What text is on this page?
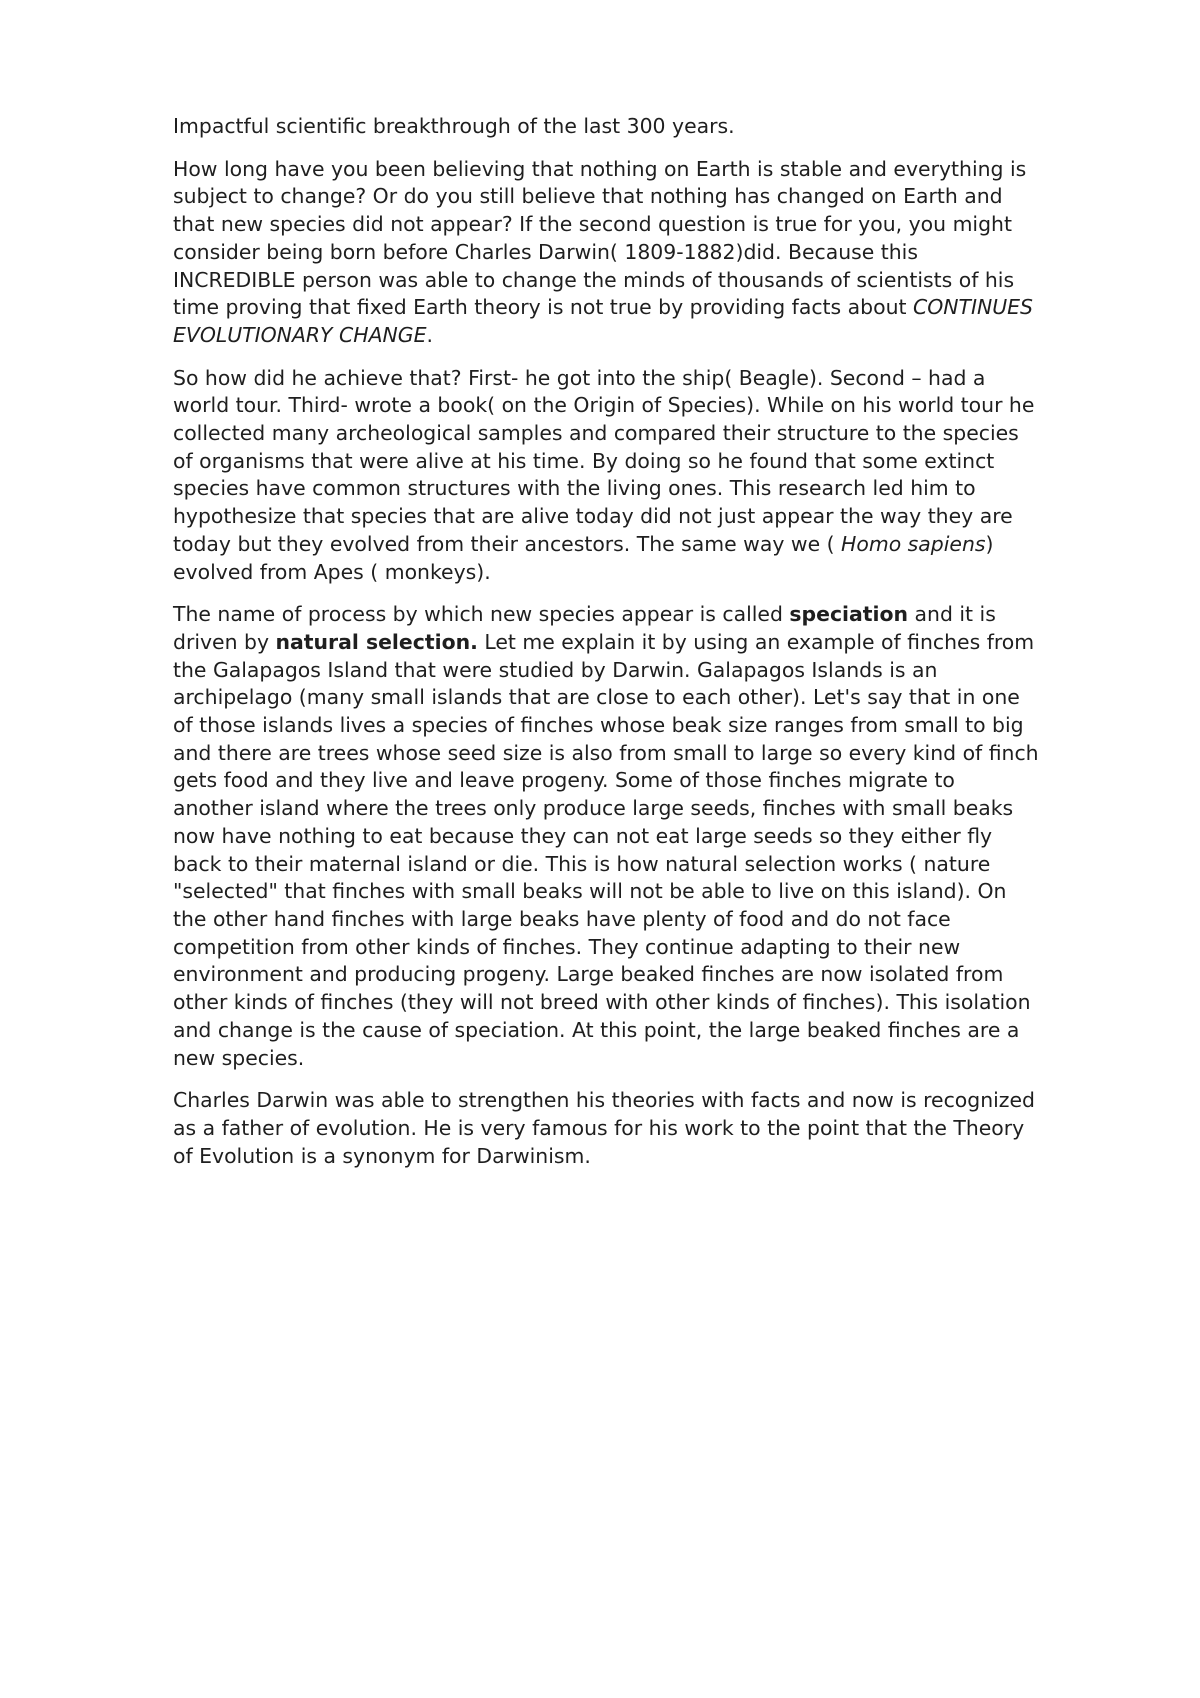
Impactful scientific breakthrough of the last 300 years.

How long have you been believing that nothing on Earth is stable and everything is
subject to change? Or do you still believe that nothing has changed on Earth and
that new species did not appear? If the second question is true for you, you might
consider being born before Charles Darwin( 1809-1882)did. Because this
INCREDIBLE person was able to change the minds of thousands of scientists of his
time proving that fixed Earth theory is not true by providing facts about CONTINUES
EVOLUTIONARY CHANGE.

So how did he achieve that? First- he got into the ship( Beagle). Second – had a
world tour. Third- wrote a book( on the Origin of Species). While on his world tour he
collected many archeological samples and compared their structure to the species
of organisms that were alive at his time. By doing so he found that some extinct
species have common structures with the living ones. This research led him to
hypothesize that species that are alive today did not just appear the way they are
today but they evolved from their ancestors. The same way we ( Homo sapiens)
evolved from Apes ( monkeys).

The name of process by which new species appear is called speciation and it is
driven by natural selection. Let me explain it by using an example of finches from
the Galapagos Island that were studied by Darwin. Galapagos Islands is an
archipelago (many small islands that are close to each other). Let's say that in one
of those islands lives a species of finches whose beak size ranges from small to big
and there are trees whose seed size is also from small to large so every kind of finch
gets food and they live and leave progeny. Some of those finches migrate to
another island where the trees only produce large seeds, finches with small beaks
now have nothing to eat because they can not eat large seeds so they either fly
back to their maternal island or die. This is how natural selection works ( nature
"selected" that finches with small beaks will not be able to live on this island). On
the other hand finches with large beaks have plenty of food and do not face
competition from other kinds of finches. They continue adapting to their new
environment and producing progeny. Large beaked finches are now isolated from
other kinds of finches (they will not breed with other kinds of finches). This isolation
and change is the cause of speciation. At this point, the large beaked finches are a
new species.

Charles Darwin was able to strengthen his theories with facts and now is recognized
as a father of evolution. He is very famous for his work to the point that the Theory
of Evolution is a synonym for Darwinism.
